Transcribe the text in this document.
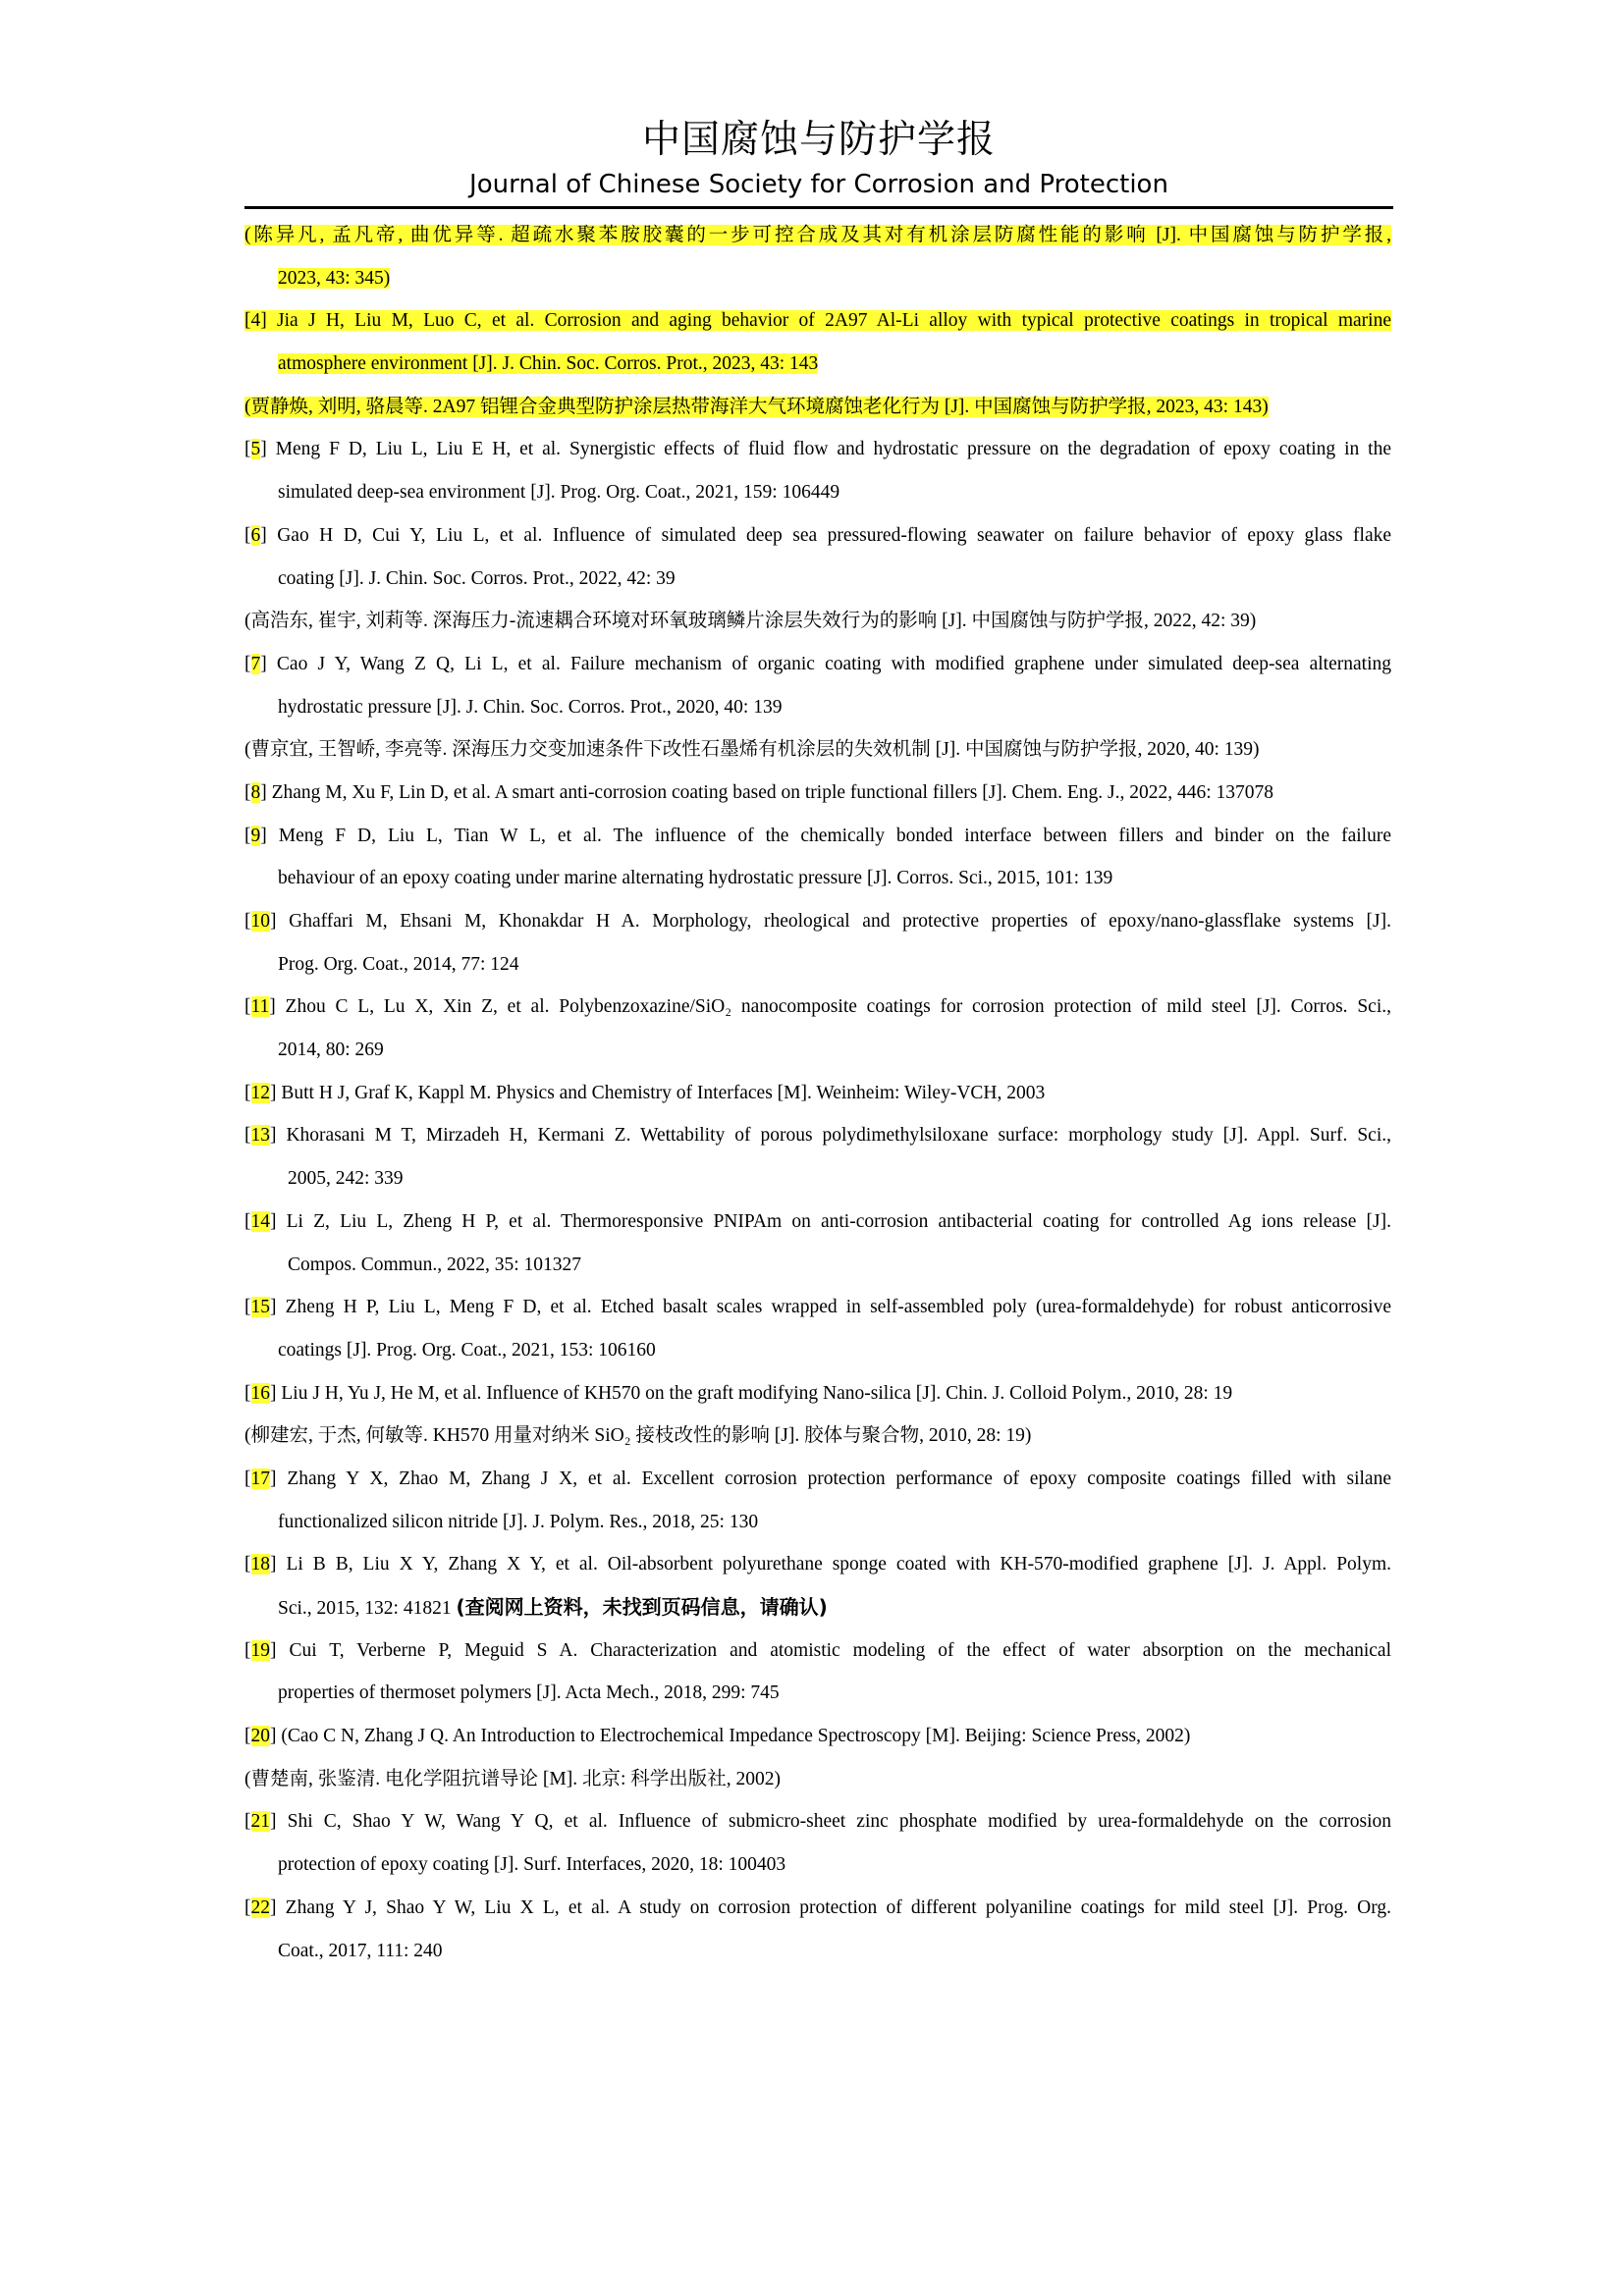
中国腐蚀与防护学报
Journal of Chinese Society for Corrosion and Protection
(陈异凡, 孟凡帝, 曲优异等. 超疏水聚苯胺胶囊的一步可控合成及其对有机涂层防腐性能的影响 [J]. 中国腐蚀与防护学报,
2023, 43: 345)
[4] Jia J H, Liu M, Luo C, et al. Corrosion and aging behavior of 2A97 Al-Li alloy with typical protective coatings in tropical marine
atmosphere environment [J]. J. Chin. Soc. Corros. Prot., 2023, 43: 143
(贾静焕, 刘明, 骆晨等. 2A97 铝锂合金典型防护涂层热带海洋大气环境腐蚀老化行为 [J]. 中国腐蚀与防护学报, 2023, 43: 143)
[5] Meng F D, Liu L, Liu E H, et al. Synergistic effects of fluid flow and hydrostatic pressure on the degradation of epoxy coating in the
simulated deep-sea environment [J]. Prog. Org. Coat., 2021, 159: 106449
[6] Gao H D, Cui Y, Liu L, et al. Influence of simulated deep sea pressured-flowing seawater on failure behavior of epoxy glass flake
coating [J]. J. Chin. Soc. Corros. Prot., 2022, 42: 39
(高浩东, 崔宇, 刘莉等. 深海压力-流速耦合环境对环氧玻璃鳞片涂层失效行为的影响 [J]. 中国腐蚀与防护学报, 2022, 42: 39)
[7] Cao J Y, Wang Z Q, Li L, et al. Failure mechanism of organic coating with modified graphene under simulated deep-sea alternating
hydrostatic pressure [J]. J. Chin. Soc. Corros. Prot., 2020, 40: 139
(曹京宜, 王智峤, 李亮等. 深海压力交变加速条件下改性石墨烯有机涂层的失效机制 [J]. 中国腐蚀与防护学报, 2020, 40: 139)
[8] Zhang M, Xu F, Lin D, et al. A smart anti-corrosion coating based on triple functional fillers [J]. Chem. Eng. J., 2022, 446: 137078
[9] Meng F D, Liu L, Tian W L, et al. The influence of the chemically bonded interface between fillers and binder on the failure
behaviour of an epoxy coating under marine alternating hydrostatic pressure [J]. Corros. Sci., 2015, 101: 139
[10] Ghaffari M, Ehsani M, Khonakdar H A. Morphology, rheological and protective properties of epoxy/nano-glassflake systems [J].
Prog. Org. Coat., 2014, 77: 124
[11] Zhou C L, Lu X, Xin Z, et al. Polybenzoxazine/SiO₂ nanocomposite coatings for corrosion protection of mild steel [J]. Corros. Sci.,
2014, 80: 269
[12] Butt H J, Graf K, Kappl M. Physics and Chemistry of Interfaces [M]. Weinheim: Wiley-VCH, 2003
[13] Khorasani M T, Mirzadeh H, Kermani Z. Wettability of porous polydimethylsiloxane surface: morphology study [J]. Appl. Surf. Sci.,
2005, 242: 339
[14] Li Z, Liu L, Zheng H P, et al. Thermoresponsive PNIPAm on anti-corrosion antibacterial coating for controlled Ag ions release [J].
Compos. Commun., 2022, 35: 101327
[15] Zheng H P, Liu L, Meng F D, et al. Etched basalt scales wrapped in self-assembled poly (urea-formaldehyde) for robust anticorrosive
coatings [J]. Prog. Org. Coat., 2021, 153: 106160
[16] Liu J H, Yu J, He M, et al. Influence of KH570 on the graft modifying Nano-silica [J]. Chin. J. Colloid Polym., 2010, 28: 19
(柳建宏, 于杰, 何敏等. KH570 用量对纳米 SiO₂ 接枝改性的影响 [J]. 胶体与聚合物, 2010, 28: 19)
[17] Zhang Y X, Zhao M, Zhang J X, et al. Excellent corrosion protection performance of epoxy composite coatings filled with silane
functionalized silicon nitride [J]. J. Polym. Res., 2018, 25: 130
[18] Li B B, Liu X Y, Zhang X Y, et al. Oil-absorbent polyurethane sponge coated with KH-570-modified graphene [J]. J. Appl. Polym.
Sci., 2015, 132: 41821 (查阅网上资料，未找到页码信息，请确认)
[19] Cui T, Verberne P, Meguid S A. Characterization and atomistic modeling of the effect of water absorption on the mechanical
properties of thermoset polymers [J]. Acta Mech., 2018, 299: 745
[20] (Cao C N, Zhang J Q. An Introduction to Electrochemical Impedance Spectroscopy [M]. Beijing: Science Press, 2002)
(曹楚南, 张鉴清. 电化学阻抗谱导论 [M]. 北京: 科学出版社, 2002)
[21] Shi C, Shao Y W, Wang Y Q, et al. Influence of submicro-sheet zinc phosphate modified by urea-formaldehyde on the corrosion
protection of epoxy coating [J]. Surf. Interfaces, 2020, 18: 100403
[22] Zhang Y J, Shao Y W, Liu X L, et al. A study on corrosion protection of different polyaniline coatings for mild steel [J]. Prog. Org.
Coat., 2017, 111: 240
